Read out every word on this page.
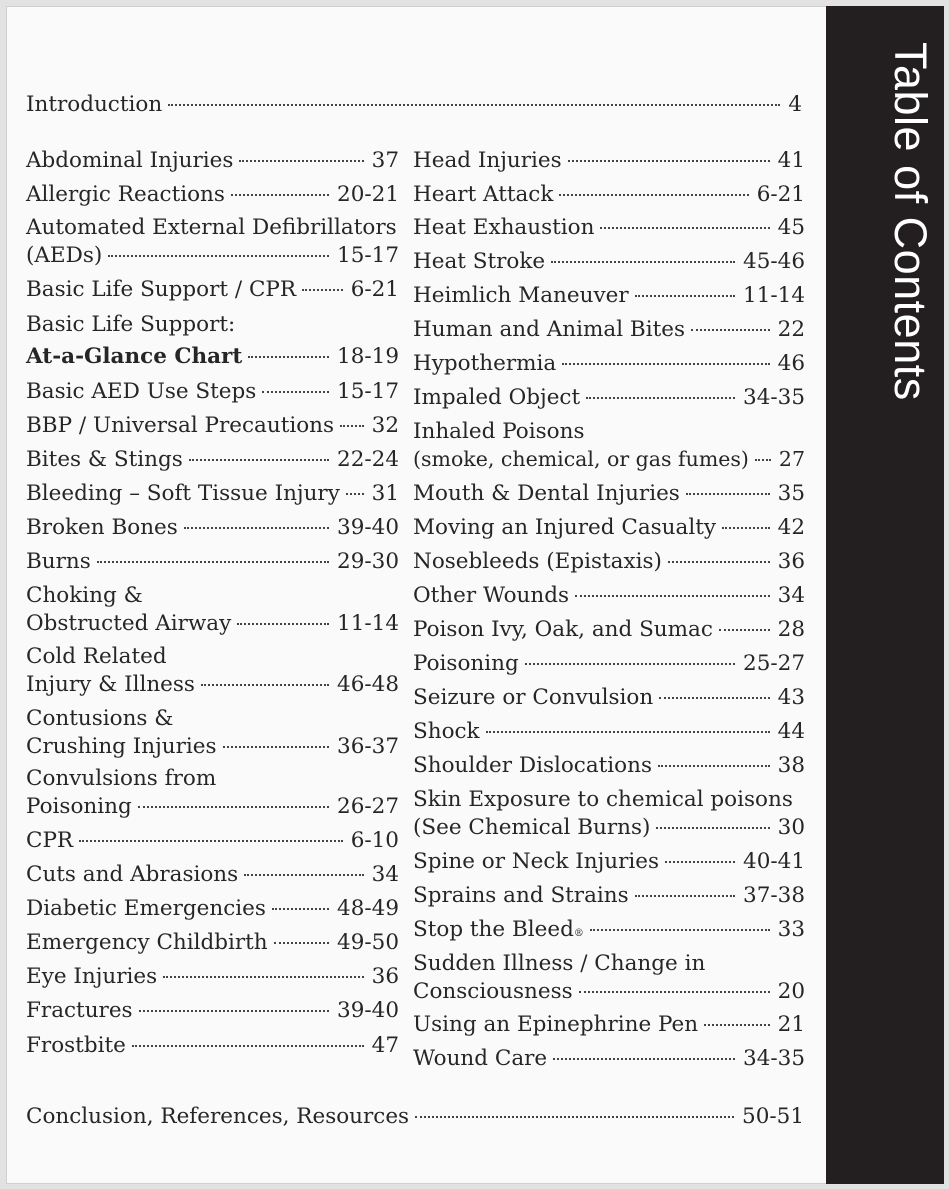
Table of Contents
Introduction	4
Abdominal Injuries	37
Allergic Reactions	20-21
Automated External Defibrillators
(AEDs)	15-17
Basic Life Support / CPR	6-21
Basic Life Support:
At-a-Glance Chart	18-19
Basic AED Use Steps	15-17
BBP / Universal Precautions	32
Bites & Stings	22-24
Bleeding – Soft Tissue Injury	31
Broken Bones	39-40
Burns	29-30
Choking &
Obstructed Airway	11-14
Cold Related
Injury & Illness	46-48
Contusions &
Crushing Injuries	36-37
Convulsions from
Poisoning	26-27
CPR	6-10
Cuts and Abrasions	34
Diabetic Emergencies	48-49
Emergency Childbirth	49-50
Eye Injuries	36
Fractures	39-40
Frostbite	47
Head Injuries	41
Heart Attack	6-21
Heat Exhaustion	45
Heat Stroke	45-46
Heimlich Maneuver	11-14
Human and Animal Bites	22
Hypothermia	46
Impaled Object	34-35
Inhaled Poisons
(smoke, chemical, or gas fumes)	27
Mouth & Dental Injuries	35
Moving an Injured Casualty	42
Nosebleeds (Epistaxis)	36
Other Wounds	34
Poison Ivy, Oak, and Sumac	28
Poisoning	25-27
Seizure or Convulsion	43
Shock	44
Shoulder Dislocations	38
Skin Exposure to chemical poisons
(See Chemical Burns)	30
Spine or Neck Injuries	40-41
Sprains and Strains	37-38
Stop the Bleed ®	33
Sudden Illness / Change in
Consciousness	20
Using an Epinephrine Pen	21
Wound Care	34-35
Conclusion, References, Resources	50-51
